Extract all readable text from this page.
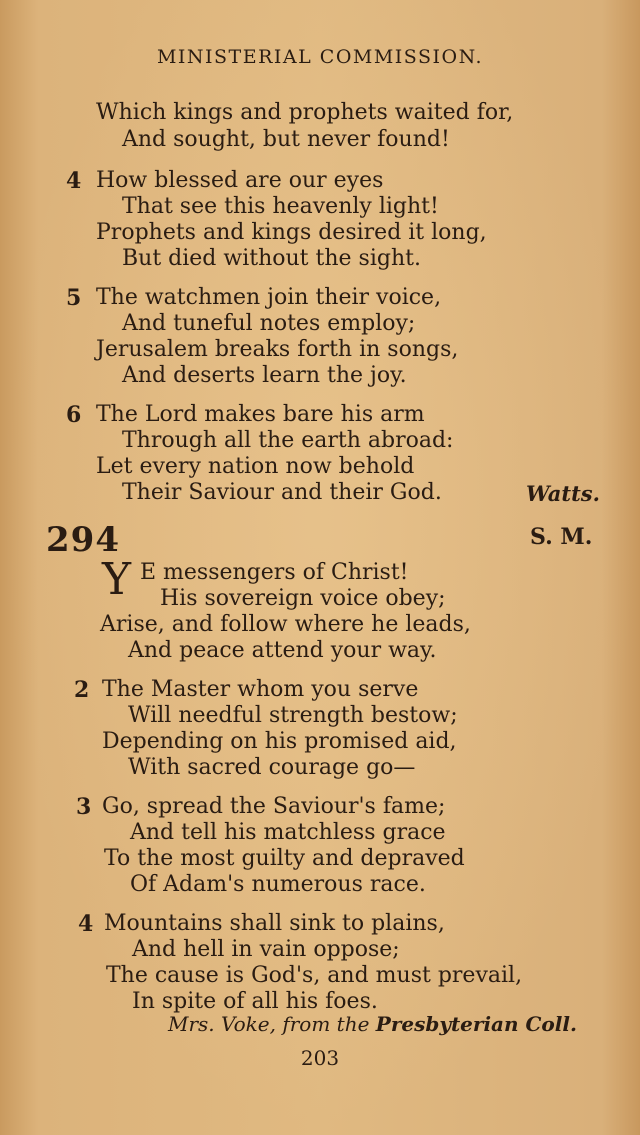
MINISTERIAL COMMISSION.
Which kings and prophets waited for,
And sought, but never found!
4 How blessed are our eyes
That see this heavenly light!
Prophets and kings desired it long,
But died without the sight.
5 The watchmen join their voice,
And tuneful notes employ;
Jerusalem breaks forth in songs,
And deserts learn the joy.
6 The Lord makes bare his arm
Through all the earth abroad:
Let every nation now behold
Their Saviour and their God.	Watts.
294	S. M.
Y E messengers of Christ!
His sovereign voice obey;
Arise, and follow where he leads,
And peace attend your way.
2 The Master whom you serve
Will needful strength bestow;
Depending on his promised aid,
With sacred courage go—
3 Go, spread the Saviour's fame;
And tell his matchless grace
To the most guilty and depraved
Of Adam's numerous race.
4 Mountains shall sink to plains,
And hell in vain oppose;
The cause is God's, and must prevail,
In spite of all his foes.
Mrs. Voke, from the Presbyterian Coll.
203
